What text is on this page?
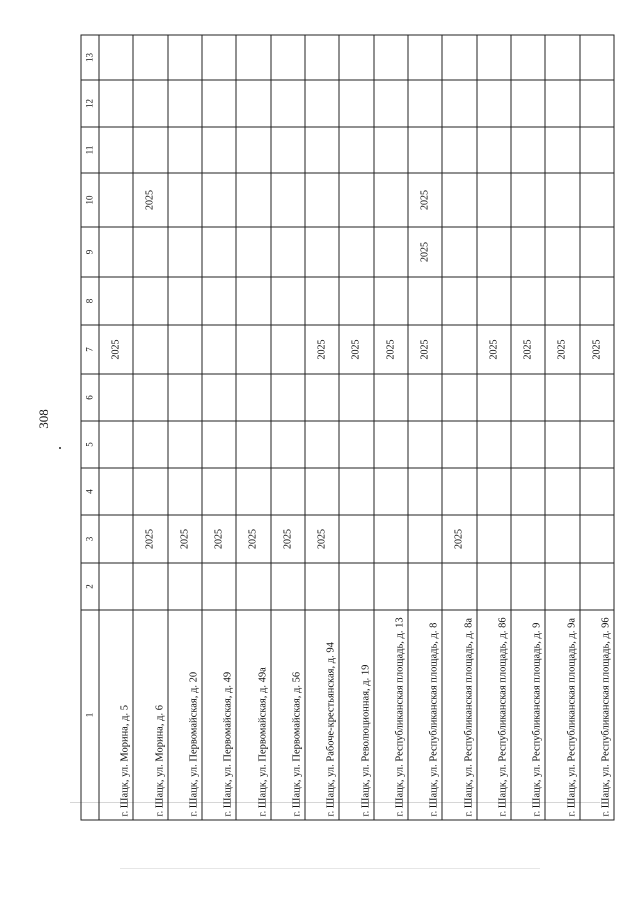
308
1	2	3	4	5	6	7	8	9	10	11	12	13
г. Шацк, ул. Морина, д. 5						2025						
г. Шацк, ул. Морина, д. 6		2025							2025			
г. Шацк, ул. Первомайская, д. 20		2025										
г. Шацк, ул. Первомайская, д. 49		2025										
г. Шацк, ул. Первомайская, д. 49а		2025										
г. Шацк, ул. Первомайская, д. 56		2025										
г. Шацк, ул. Рабоче-крестьянская, д. 94		2025				2025						
г. Шацк, ул. Революционная, д. 19						2025						
г. Шацк, ул. Республиканская площадь, д. 13						2025						
г. Шацк, ул. Республиканская площадь, д. 8						2025		2025	2025			
г. Шацк, ул. Республиканская площадь, д. 8а		2025										
г. Шацк, ул. Республиканская площадь, д. 86						2025						
г. Шацк, ул. Республиканская площадь, д. 9						2025						
г. Шацк, ул. Республиканская площадь, д. 9а						2025						
г. Шацк, ул. Республиканская площадь, д. 96						2025						
